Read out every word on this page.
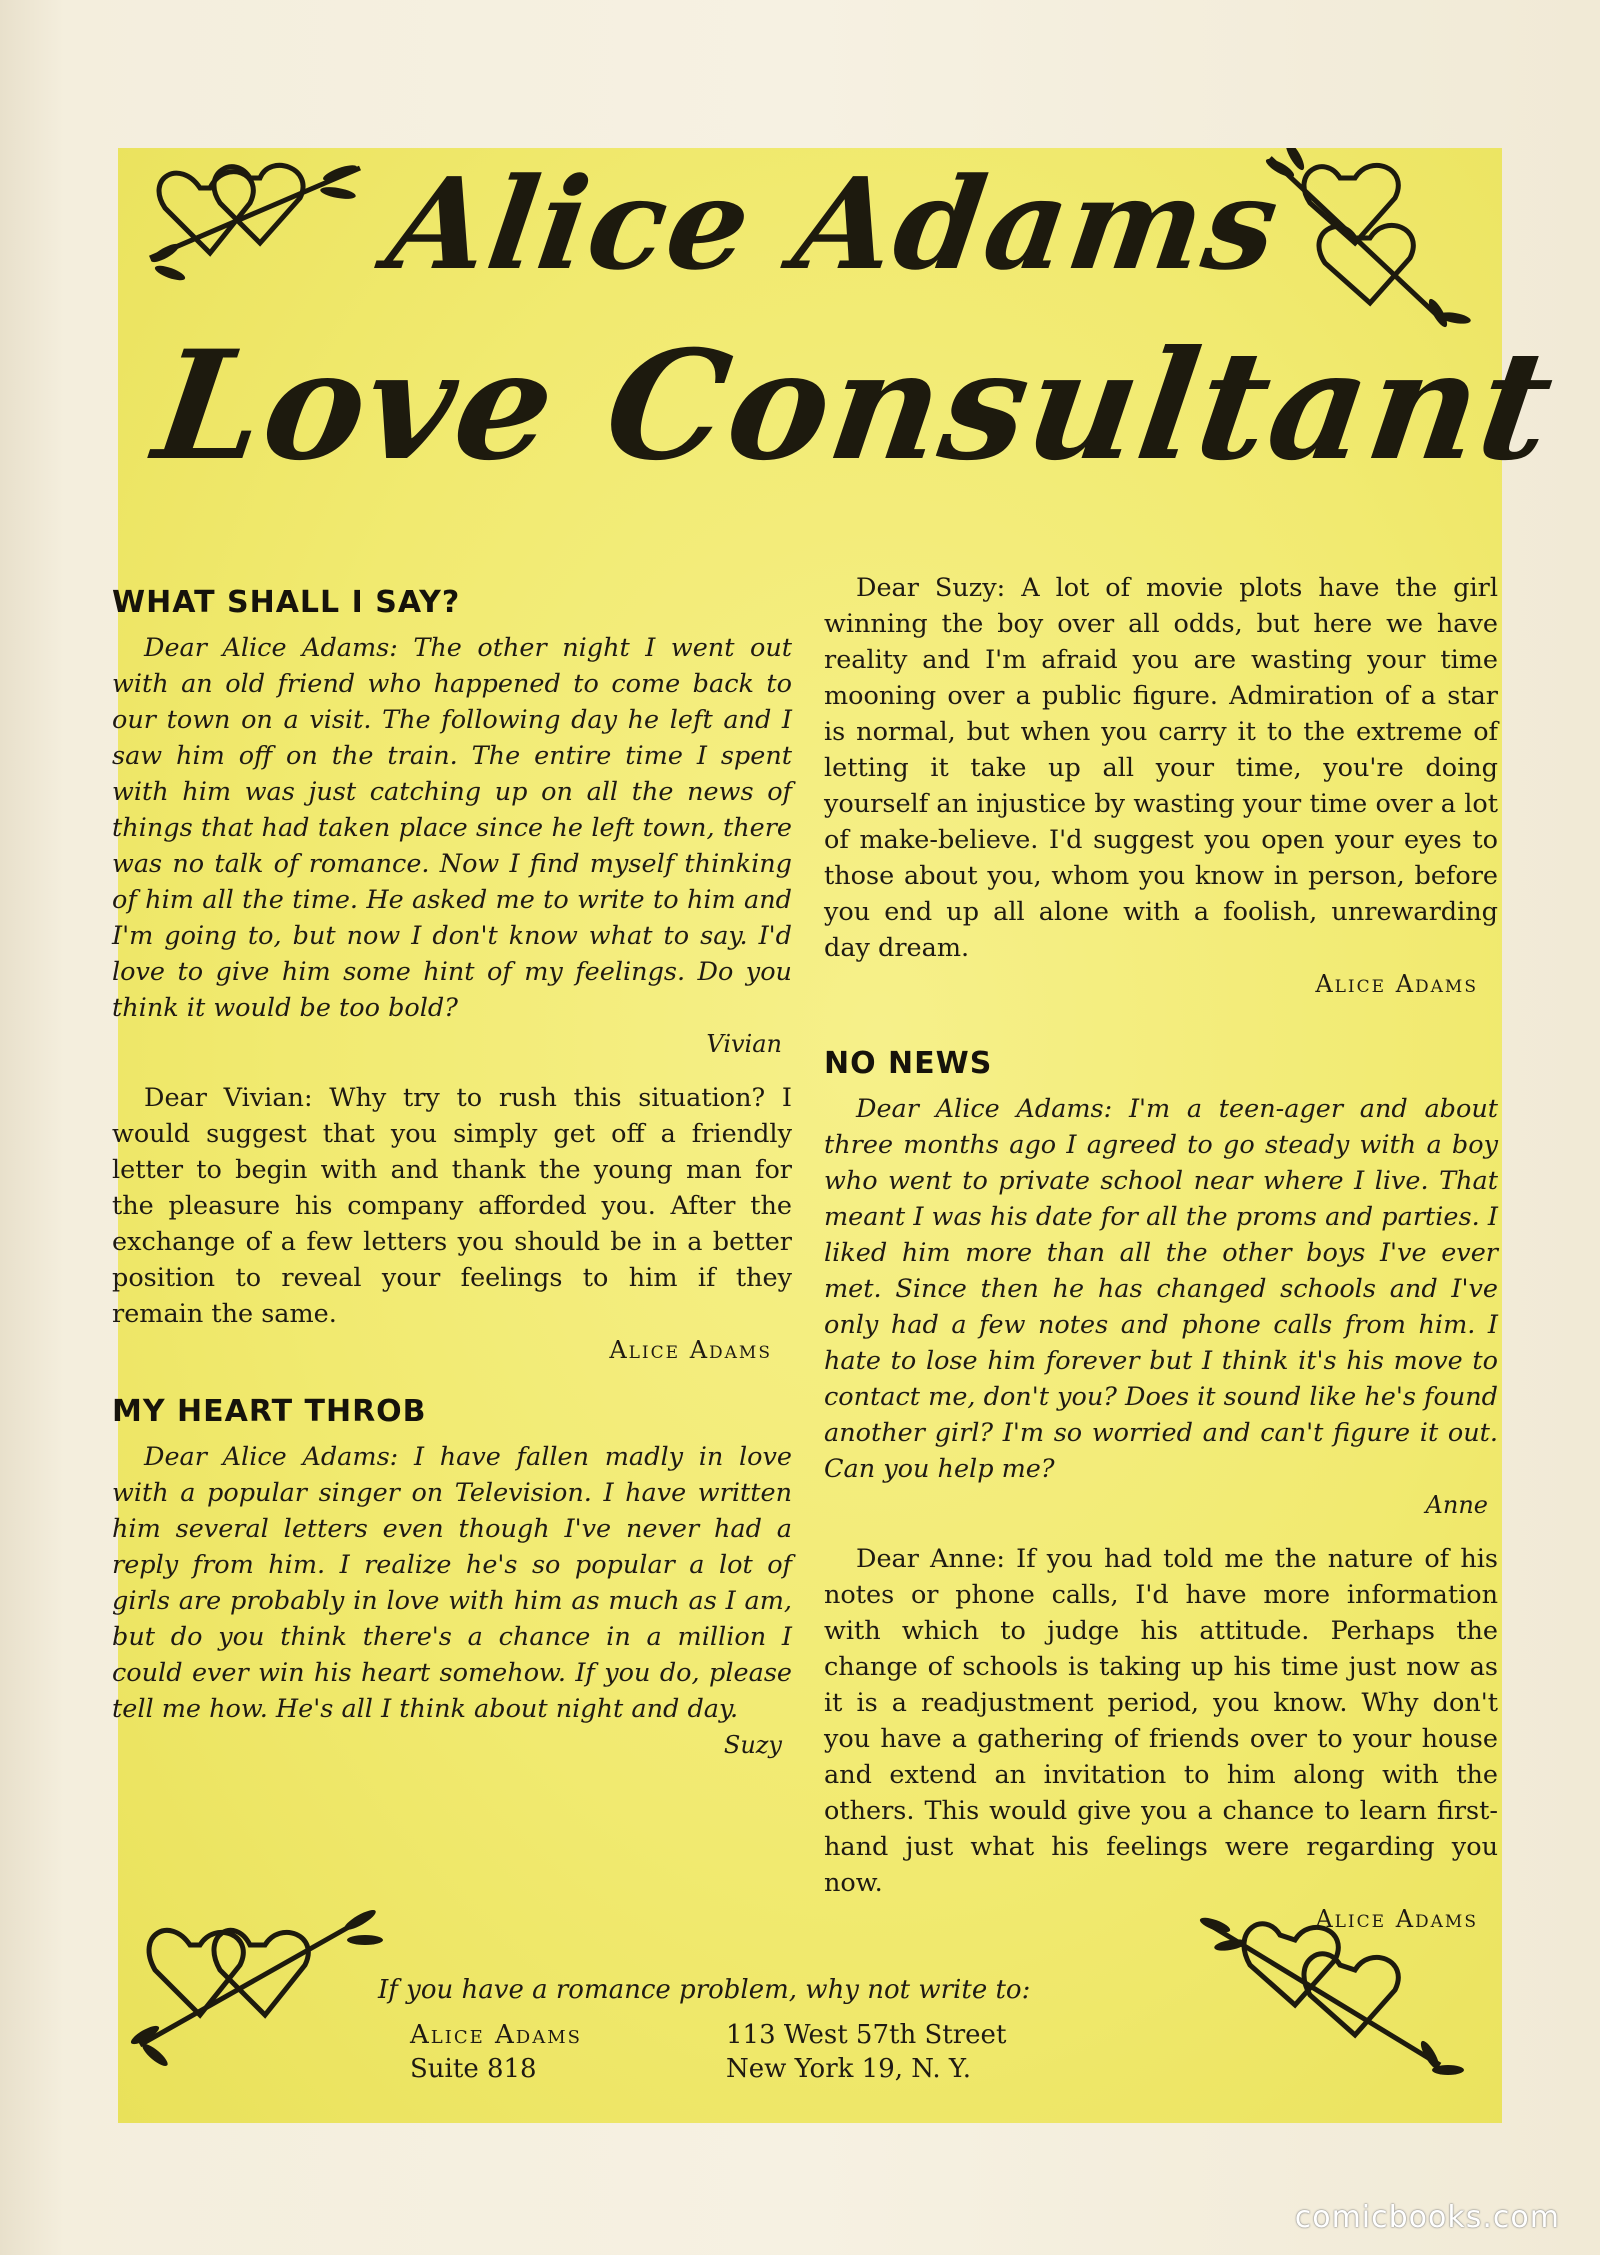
Alice Adams
Love Consultant
WHAT SHALL I SAY?

Dear Alice Adams: The other night I went out with an old friend who happened to come back to our town on a visit. The following day he left and I saw him off on the train. The entire time I spent with him was just catching up on all the news of things that had taken place since he left town, there was no talk of romance. Now I find myself thinking of him all the time. He asked me to write to him and I'm going to, but now I don't know what to say. I'd love to give him some hint of my feelings. Do you think it would be too bold?

Vivian

Dear Vivian: Why try to rush this situation? I would suggest that you simply get off a friendly letter to begin with and thank the young man for the pleasure his company afforded you. After the exchange of a few letters you should be in a better position to reveal your feelings to him if they remain the same.

Alice Adams

MY HEART THROB

Dear Alice Adams: I have fallen madly in love with a popular singer on Television. I have written him several letters even though I've never had a reply from him. I realize he's so popular a lot of girls are probably in love with him as much as I am, but do you think there's a chance in a million I could ever win his heart somehow. If you do, please tell me how. He's all I think about night and day.

Suzy

Dear Suzy: A lot of movie plots have the girl winning the boy over all odds, but here we have reality and I'm afraid you are wasting your time mooning over a public figure. Admiration of a star is normal, but when you carry it to the extreme of letting it take up all your time, you're doing yourself an injustice by wasting your time over a lot of make-believe. I'd suggest you open your eyes to those about you, whom you know in person, before you end up all alone with a foolish, unrewarding day dream.

Alice Adams

NO NEWS

Dear Alice Adams: I'm a teen-ager and about three months ago I agreed to go steady with a boy who went to private school near where I live. That meant I was his date for all the proms and parties. I liked him more than all the other boys I've ever met. Since then he has changed schools and I've only had a few notes and phone calls from him. I hate to lose him forever but I think it's his move to contact me, don't you? Does it sound like he's found another girl? I'm so worried and can't figure it out. Can you help me?

Anne

Dear Anne: If you had told me the nature of his notes or phone calls, I'd have more information with which to judge his attitude. Perhaps the change of schools is taking up his time just now as it is a readjustment period, you know. Why don't you have a gathering of friends over to your house and extend an invitation to him along with the others. This would give you a chance to learn first-hand just what his feelings were regarding you now.

Alice Adams

If you have a romance problem, why not write to:
Alice Adams
Suite 818
113 West 57th Street
New York 19, N. Y.
comicbooks.com
